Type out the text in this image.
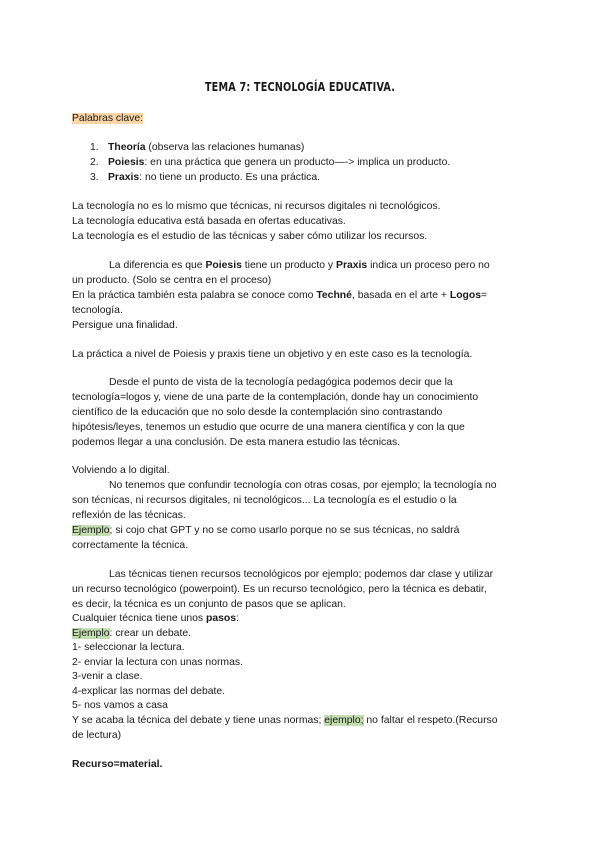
TEMA 7: TECNOLOGÍA EDUCATIVA.
Palabras clave:
1. Theoría (observa las relaciones humanas)
2. Poiesis: en una práctica que genera un producto—-> implica un producto.
3. Praxis: no tiene un producto. Es una práctica.
La tecnología no es lo mismo que técnicas, ni recursos digitales ni tecnológicos.
La tecnología educativa está basada en ofertas educativas.
La tecnología es el estudio de las técnicas y saber cómo utilizar los recursos.
La diferencia es que Poiesis tiene un producto y Praxis indica un proceso pero no
un producto. (Solo se centra en el proceso)
En la práctica también esta palabra se conoce como Techné, basada en el arte + Logos=
tecnología.
Persigue una finalidad.
La práctica a nivel de Poiesis y praxis tiene un objetivo y en este caso es la tecnología.
Desde el punto de vista de la tecnología pedagógica podemos decir que la
tecnología=logos y, viene de una parte de la contemplación, donde hay un conocimiento
científico de la educación que no solo desde la contemplación sino contrastando
hipótesis/leyes, tenemos un estudio que ocurre de una manera científica y con la que
podemos llegar a una conclusión. De esta manera estudio las técnicas.
Volviendo a lo digital.
No tenemos que confundir tecnología con otras cosas, por ejemplo; la tecnología no
son técnicas, ni recursos digitales, ni tecnológicos... La tecnología es el estudio o la
reflexión de las técnicas.
Ejemplo; si cojo chat GPT y no se como usarlo porque no se sus técnicas, no saldrá
correctamente la técnica.
Las técnicas tienen recursos tecnológicos por ejemplo; podemos dar clase y utilizar
un recurso tecnológico (powerpoint). Es un recurso tecnológico, pero la técnica es debatir,
es decir, la técnica es un conjunto de pasos que se aplican.
Cualquier técnica tiene unos pasos:
Ejemplo: crear un debate.
1- seleccionar la lectura.
2- enviar la lectura con unas normas.
3-venir a clase.
4-explicar las normas del debate.
5- nos vamos a casa
Y se acaba la técnica del debate y tiene unas normas; ejemplo; no faltar el respeto.(Recurso
de lectura)
Recurso=material.
